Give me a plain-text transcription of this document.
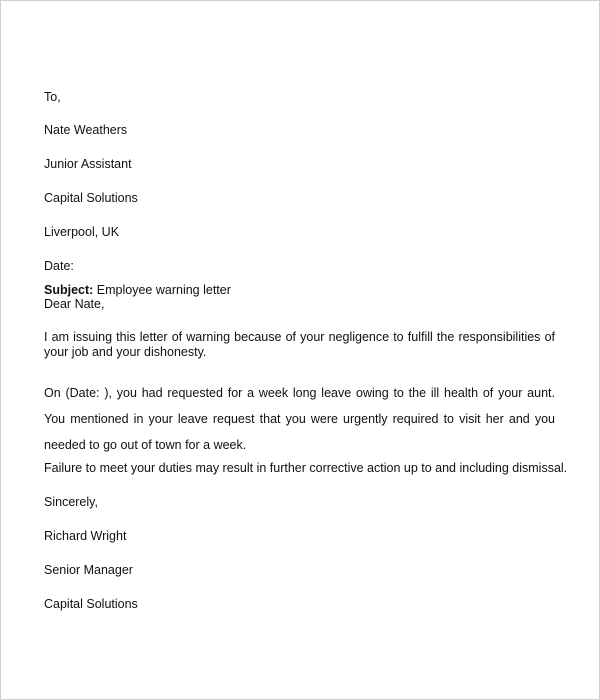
To,
Nate Weathers
Junior Assistant
Capital Solutions
Liverpool, UK
Date:
Subject: Employee warning letter
Dear Nate,
I am issuing this letter of warning because of your negligence to fulfill the responsibilities of your job and your dishonesty.
On (Date: ), you had requested for a week long leave owing to the ill health of your aunt. You mentioned in your leave request that you were urgently required to visit her and you needed to go out of town for a week.
Failure to meet your duties may result in further corrective action up to and including dismissal.
Sincerely,
Richard Wright
Senior Manager
Capital Solutions
